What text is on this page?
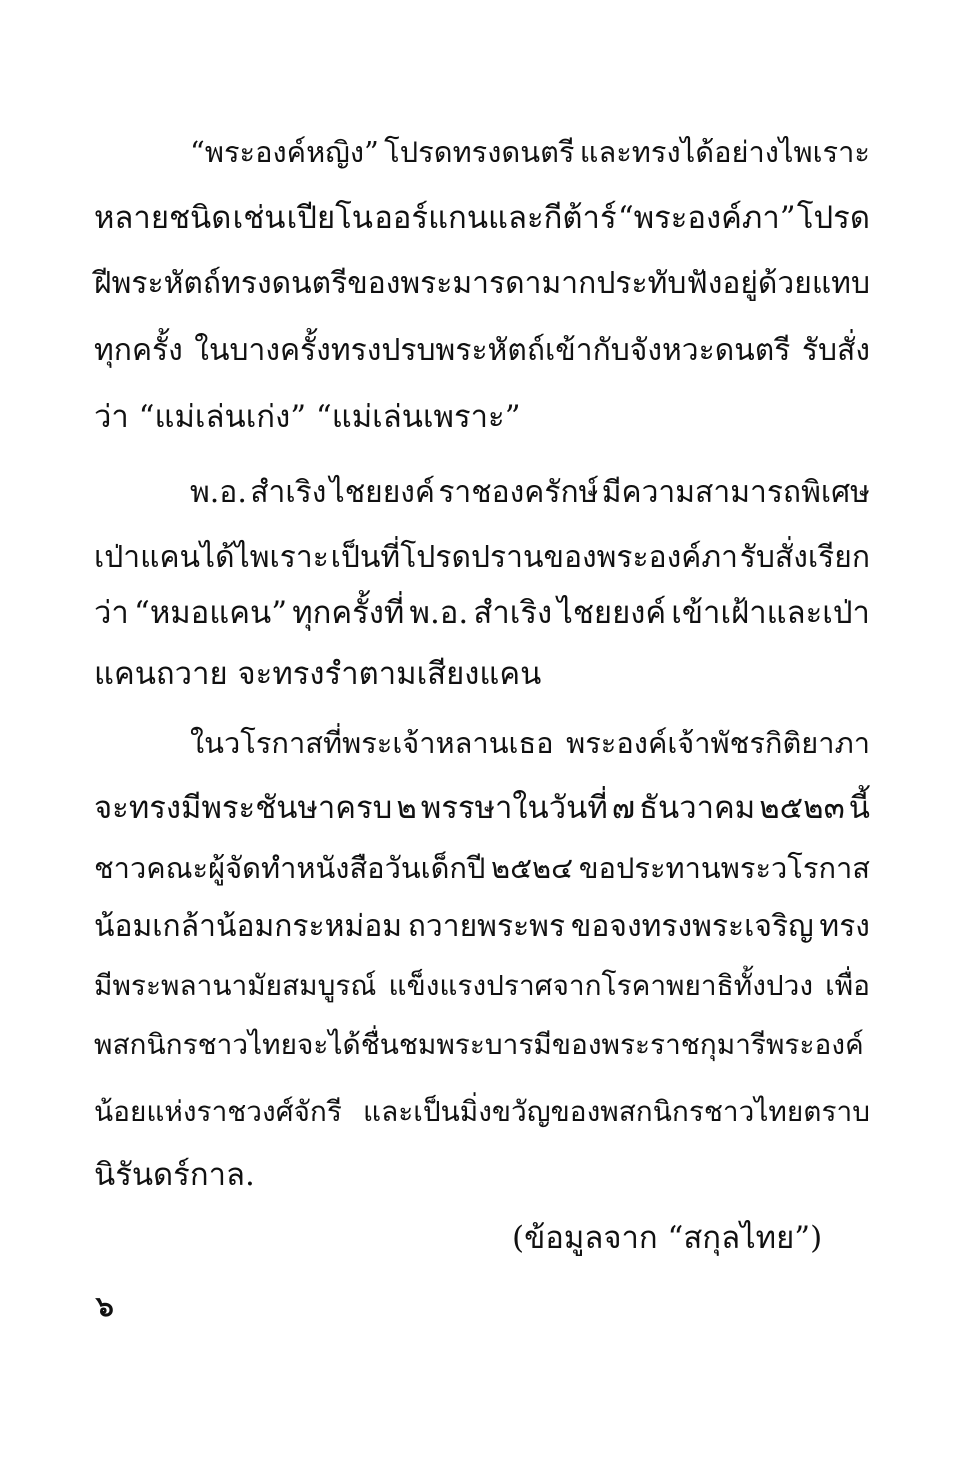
“พระองค์หญิง” โปรดทรงดนตรี และทรงได้อย่างไพเราะ
หลายชนิด เช่น เปียโน ออร์แกนและกีต้าร์ “พระองค์ภา” โปรด
ฝีพระหัตถ์ ทรงดนตรีของพระมารดามาก ประทับฟังอยู่ด้วยแทบ
ทุกครั้ง ในบางครั้งทรงปรบพระหัตถ์เข้ากับจังหวะดนตรี รับสั่ง
ว่า “แม่เล่นเก่ง” “แม่เล่นเพราะ”
พ.อ. สำเริง ไชยยงค์ ราชองครักษ์ มีความสามารถพิเศษ
เป่าแคนได้ไพเราะ เป็นที่โปรดปรานของพระองค์ภา รับสั่งเรียก
ว่า “หมอแคน” ทุกครั้งที่ พ.อ. สำเริง ไชยยงค์ เข้าเฝ้าและเป่า
แคนถวาย จะทรงรำตามเสียงแคน
ในวโรกาสที่พระเจ้าหลานเธอ พระองค์เจ้าพัชรกิติยาภา
จะทรงมีพระชันษาครบ ๒ พรรษาในวันที่ ๗ ธันวาคม ๒๕๒๓ นี้
ชาวคณะผู้จัดทำหนังสือวันเด็กปี ๒๕๒๔ ขอประทานพระวโรกาส
น้อมเกล้าน้อมกระหม่อม ถวายพระพร ขอจงทรงพระเจริญ ทรง
มีพระพลานามัยสมบูรณ์ แข็งแรงปราศจากโรคาพยาธิทั้งปวง เพื่อ
พสกนิกรชาวไทยจะได้ชื่นชมพระบารมีของพระราชกุมารีพระองค์
น้อยแห่งราชวงศ์จักรี และเป็นมิ่งขวัญของพสกนิกรชาวไทยตราบ
นิรันดร์กาล.
(ข้อมูลจาก “สกุลไทย”)
๖
